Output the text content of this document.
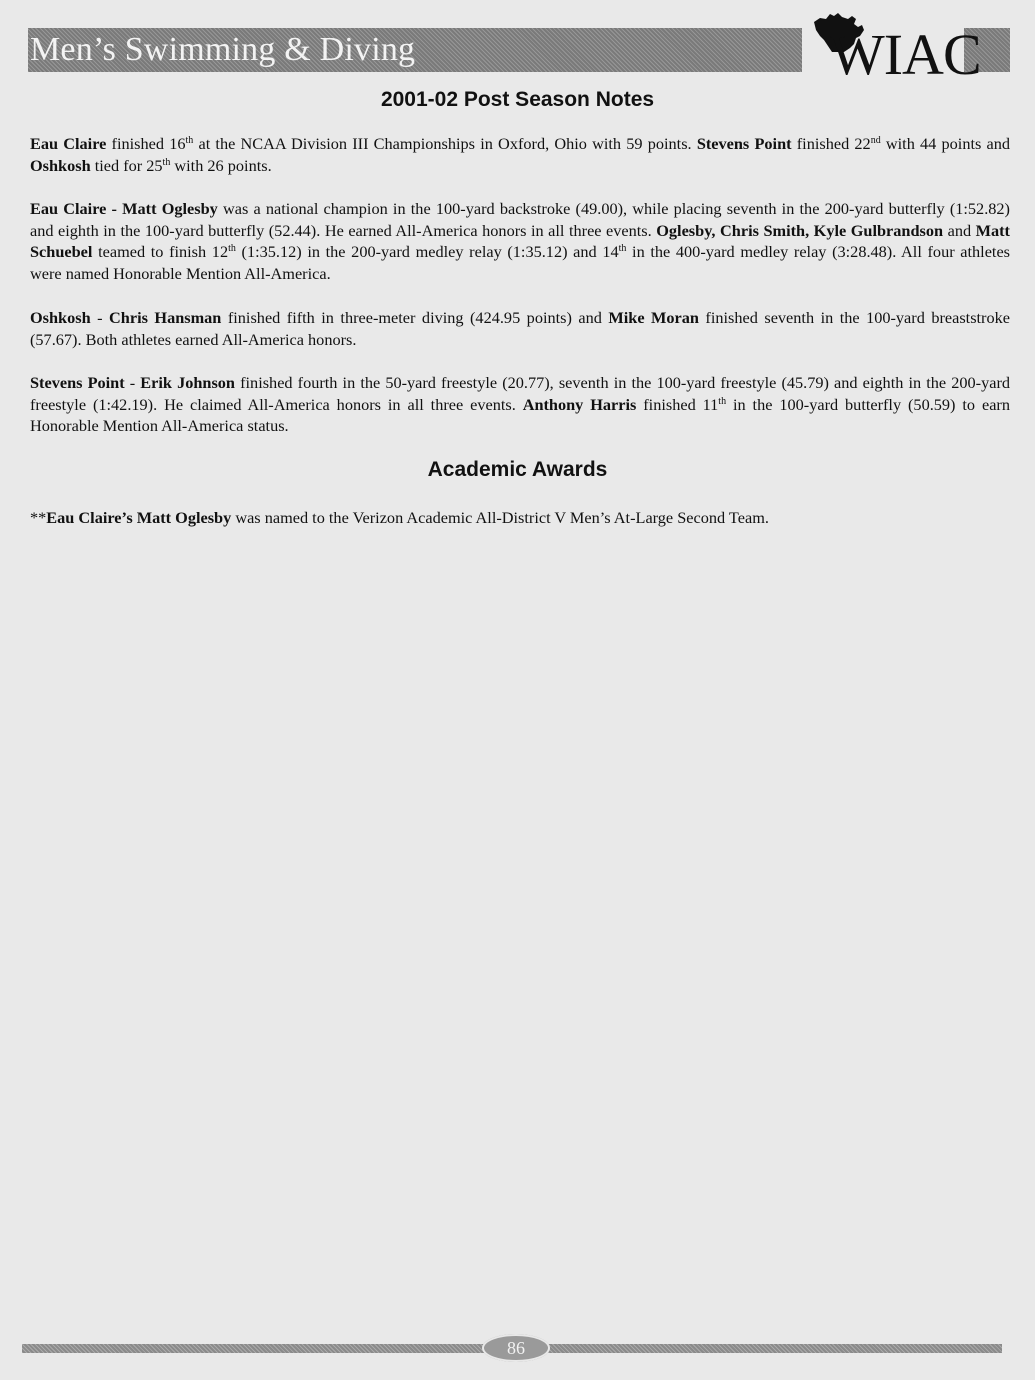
Men’s Swimming & Diving	WIAC
2001-02 Post Season Notes
Eau Claire finished 16th at the NCAA Division III Championships in Oxford, Ohio with 59 points. Stevens Point finished 22nd with 44 points and Oshkosh tied for 25th with 26 points.
Eau Claire - Matt Oglesby was a national champion in the 100-yard backstroke (49.00), while placing seventh in the 200-yard butterfly (1:52.82) and eighth in the 100-yard butterfly (52.44). He earned All-America honors in all three events. Oglesby, Chris Smith, Kyle Gulbrandson and Matt Schuebel teamed to finish 12th (1:35.12) in the 200-yard medley relay (1:35.12) and 14th in the 400-yard medley relay (3:28.48). All four athletes were named Honorable Mention All-America.
Oshkosh - Chris Hansman finished fifth in three-meter diving (424.95 points) and Mike Moran finished seventh in the 100-yard breaststroke (57.67). Both athletes earned All-America honors.
Stevens Point - Erik Johnson finished fourth in the 50-yard freestyle (20.77), seventh in the 100-yard freestyle (45.79) and eighth in the 200-yard freestyle (1:42.19). He claimed All-America honors in all three events. Anthony Harris finished 11th in the 100-yard butterfly (50.59) to earn Honorable Mention All-America status.
Academic Awards
**Eau Claire’s Matt Oglesby was named to the Verizon Academic All-District V Men’s At-Large Second Team.
86
